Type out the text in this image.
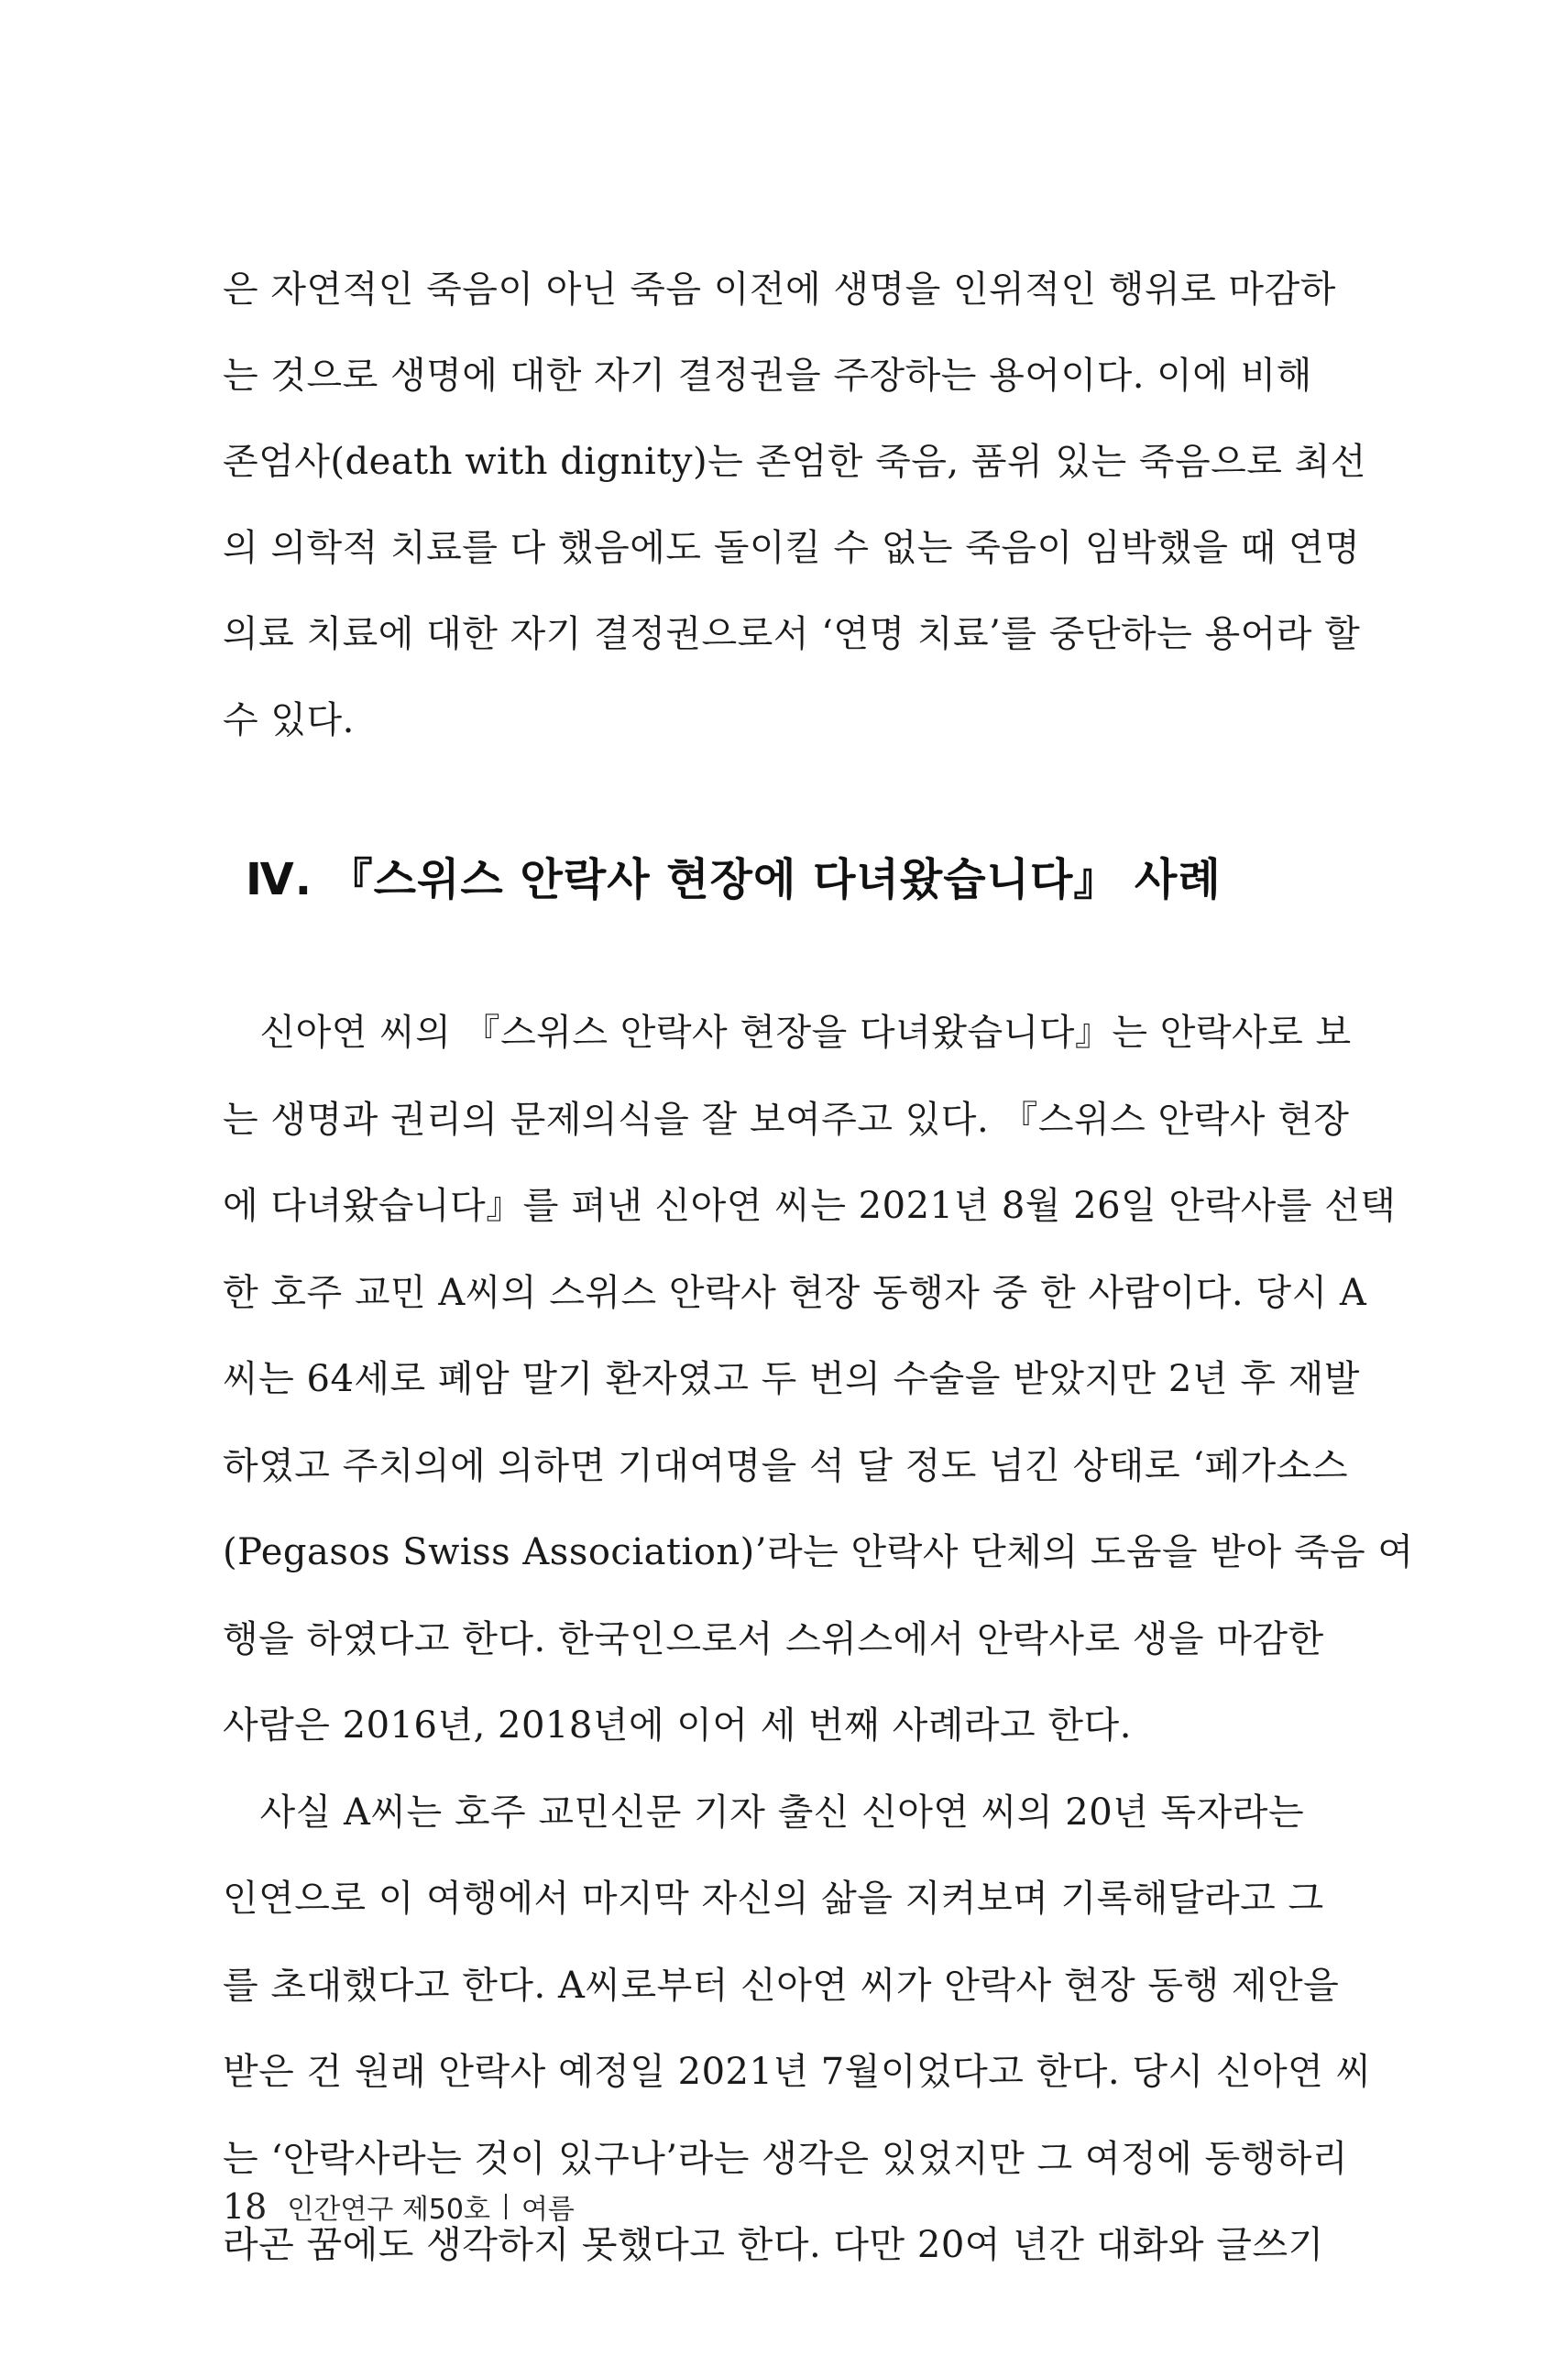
은 자연적인 죽음이 아닌 죽음 이전에 생명을 인위적인 행위로 마감하
는 것으로 생명에 대한 자기 결정권을 주장하는 용어이다. 이에 비해
존엄사(death with dignity)는 존엄한 죽음, 품위 있는 죽음으로 최선
의 의학적 치료를 다 했음에도 돌이킬 수 없는 죽음이 임박했을 때 연명
의료 치료에 대한 자기 결정권으로서 ‘연명 치료’를 중단하는 용어라 할
수 있다.
Ⅳ. 『스위스 안락사 현장에 다녀왔습니다』 사례
　신아연 씨의 『스위스 안락사 현장을 다녀왔습니다』는 안락사로 보
는 생명과 권리의 문제의식을 잘 보여주고 있다. 『스위스 안락사 현장
에 다녀왔습니다』를 펴낸 신아연 씨는 2021년 8월 26일 안락사를 선택
한 호주 교민 A씨의 스위스 안락사 현장 동행자 중 한 사람이다. 당시 A
씨는 64세로 폐암 말기 환자였고 두 번의 수술을 받았지만 2년 후 재발
하였고 주치의에 의하면 기대여명을 석 달 정도 넘긴 상태로 ‘페가소스
(Pegasos Swiss Association)’라는 안락사 단체의 도움을 받아 죽음 여
행을 하였다고 한다. 한국인으로서 스위스에서 안락사로 생을 마감한
사람은 2016년, 2018년에 이어 세 번째 사례라고 한다.
　사실 A씨는 호주 교민신문 기자 출신 신아연 씨의 20년 독자라는
인연으로 이 여행에서 마지막 자신의 삶을 지켜보며 기록해달라고 그
를 초대했다고 한다. A씨로부터 신아연 씨가 안락사 현장 동행 제안을
받은 건 원래 안락사 예정일 2021년 7월이었다고 한다. 당시 신아연 씨
는 ‘안락사라는 것이 있구나’라는 생각은 있었지만 그 여정에 동행하리
라곤 꿈에도 생각하지 못했다고 한다. 다만 20여 년간 대화와 글쓰기
18 인간연구 제50호 여름
